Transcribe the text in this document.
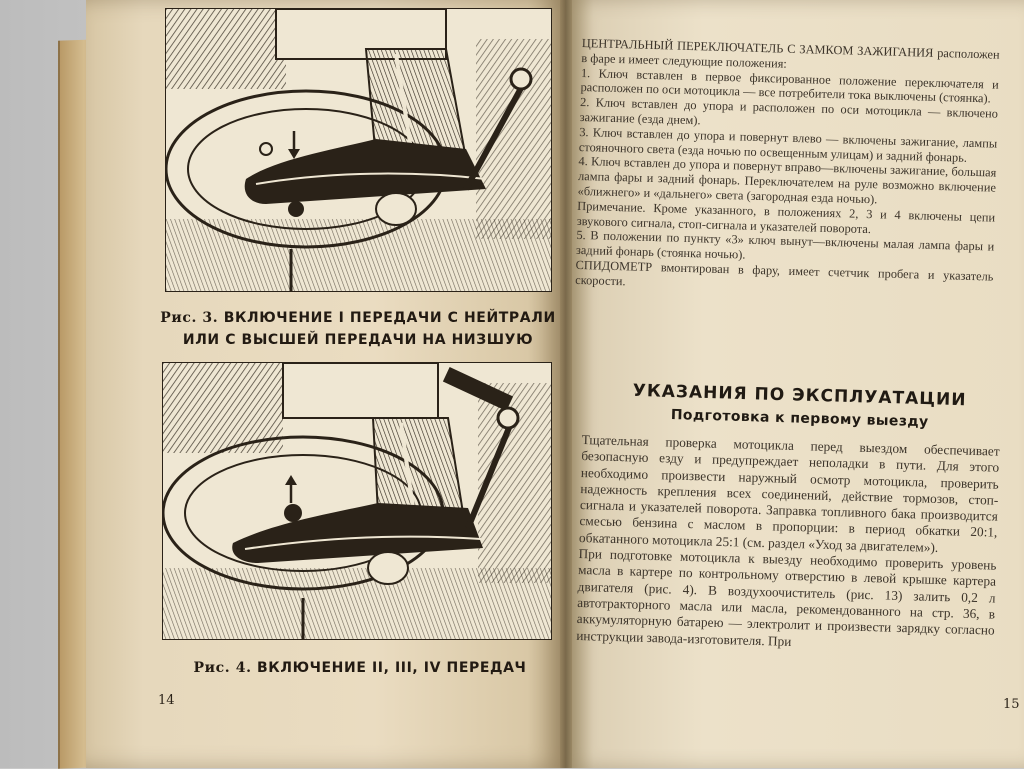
Рис. 3. ВКЛЮЧЕНИЕ I ПЕРЕДАЧИ С НЕЙТРАЛИ
ИЛИ С ВЫСШЕЙ ПЕРЕДАЧИ НА НИЗШУЮ
Рис. 4. ВКЛЮЧЕНИЕ II, III, IV ПЕРЕДАЧ
14
ЦЕНТРАЛЬНЫЙ ПЕРЕКЛЮЧАТЕЛЬ С ЗАМКОМ ЗАЖИГАНИЯ расположен в фаре и имеет следующие положения:
1. Ключ вставлен в первое фиксированное положение переключателя и расположен по оси мотоцикла — все потребители тока выключены (стоянка).
2. Ключ вставлен до упора и расположен по оси мотоцикла — включено зажигание (езда днем).
3. Ключ вставлен до упора и повернут влево — включены зажигание, лампы стояночного света (езда ночью по освещенным улицам) и задний фонарь.
4. Ключ вставлен до упора и повернут вправо—включены зажигание, большая лампа фары и задний фонарь. Переключателем на руле возможно включение «ближнего» и «дальнего» света (загородная езда ночью).
Примечание. Кроме указанного, в положениях 2, 3 и 4 включены цепи звукового сигнала, стоп-сигнала и указателей поворота.
5. В положении по пункту «3» ключ вынут—включены малая лампа фары и задний фонарь (стоянка ночью).
СПИДОМЕТР вмонтирован в фару, имеет счетчик пробега и указатель скорости.
УКАЗАНИЯ ПО ЭКСПЛУАТАЦИИ
Подготовка к первому выезду
Тщательная проверка мотоцикла перед выездом обеспечивает безопасную езду и предупреждает неполадки в пути. Для этого необходимо произвести наружный осмотр мотоцикла, проверить надежность крепления всех соединений, действие тормозов, стоп-сигнала и указателей поворота. Заправка топливного бака производится смесью бензина с маслом в пропорции: в период обкатки 20:1, обкатанного мотоцикла 25:1 (см. раздел «Уход за двигателем»).
При подготовке мотоцикла к выезду необходимо проверить уровень масла в картере по контрольному отверстию в левой крышке картера двигателя (рис. 4). В воздухоочиститель (рис. 13) залить 0,2 л автотракторного масла или масла, рекомендованного на стр. 36, в аккумуляторную батарею — электролит и произвести зарядку согласно инструкции завода-изготовителя. При
15
